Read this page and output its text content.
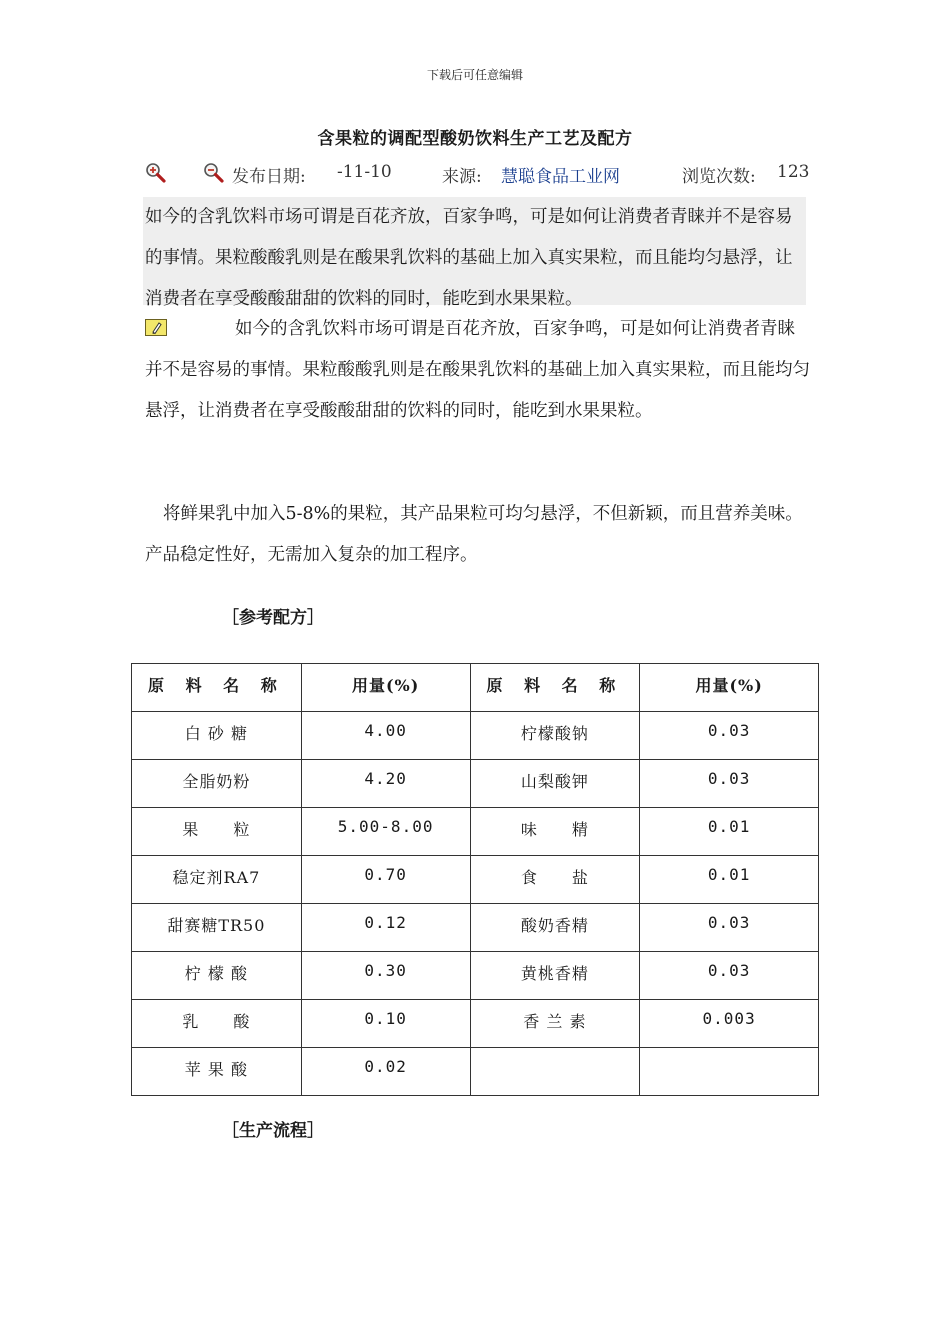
下载后可任意编辑
含果粒的调配型酸奶饮料生产工艺及配方
发布日期: -11-10	来源: 慧聪食品工业网	浏览次数: 123
如今的含乳饮料市场可谓是百花齐放，百家争鸣，可是如何让消费者青睐并不是容易的事情。果粒酸酸乳则是在酸果乳饮料的基础上加入真实果粒，而且能均匀悬浮，让消费者在享受酸酸甜甜的饮料的同时，能吃到水果果粒。
如今的含乳饮料市场可谓是百花齐放，百家争鸣，可是如何让消费者青睐并不是容易的事情。果粒酸酸乳则是在酸果乳饮料的基础上加入真实果粒，而且能均匀悬浮，让消费者在享受酸酸甜甜的饮料的同时，能吃到水果果粒。
将鲜果乳中加入5-8%的果粒，其产品果粒可均匀悬浮，不但新颖，而且营养美味。产品稳定性好，无需加入复杂的加工程序。
［参考配方］
原 料 名 称	用量(%)	原 料 名 称	用量(%)

白 砂 糖	4.00	柠檬酸钠	0.03

全脂奶粉	4.20	山梨酸钾	0.03

果　　粒	5.00-8.00	味　　精	0.01

稳定剂RA7	0.70	食　　盐	0.01

甜赛糖TR50	0.12	酸奶香精	0.03

柠 檬 酸	0.30	黄桃香精	0.03

乳　　酸	0.10	香 兰 素	0.003

苹 果 酸	0.02		

［生产流程］
